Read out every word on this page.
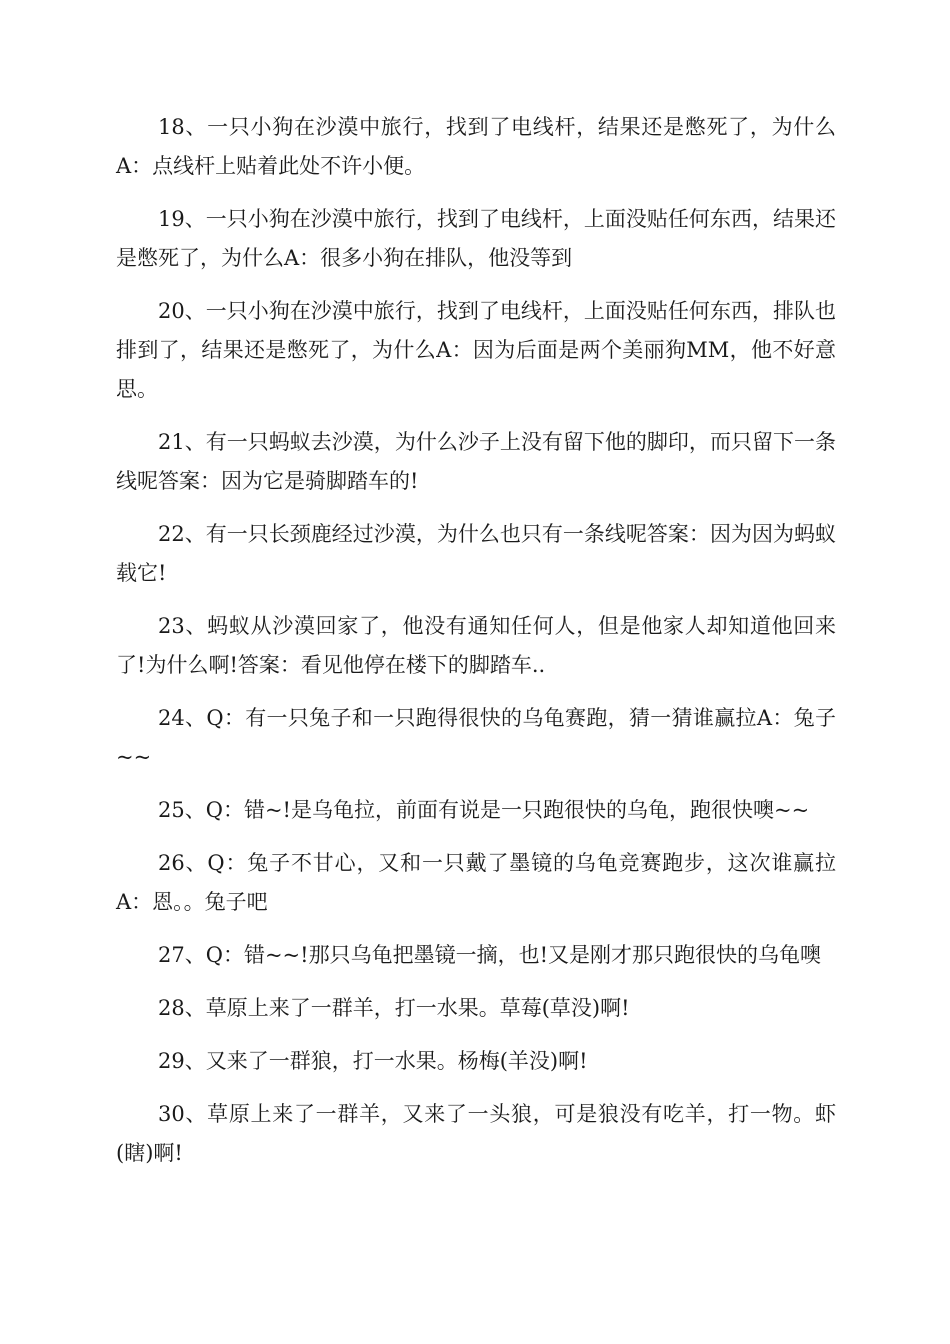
18、一只小狗在沙漠中旅行，找到了电线杆，结果还是憋死了，为什么A：点线杆上贴着此处不许小便。

19、一只小狗在沙漠中旅行，找到了电线杆，上面没贴任何东西，结果还是憋死了，为什么A：很多小狗在排队，他没等到

20、一只小狗在沙漠中旅行，找到了电线杆，上面没贴任何东西，排队也排到了，结果还是憋死了，为什么A：因为后面是两个美丽狗MM，他不好意思。

21、有一只蚂蚁去沙漠，为什么沙子上没有留下他的脚印，而只留下一条线呢答案：因为它是骑脚踏车的!

22、有一只长颈鹿经过沙漠，为什么也只有一条线呢答案：因为因为蚂蚁载它!

23、蚂蚁从沙漠回家了，他没有通知任何人，但是他家人却知道他回来了!为什么啊!答案：看见他停在楼下的脚踏车..

24、Q：有一只兔子和一只跑得很快的乌龟赛跑，猜一猜谁赢拉A：兔子~~

25、Q：错~!是乌龟拉，前面有说是一只跑很快的乌龟，跑很快噢~~

26、Q：兔子不甘心，又和一只戴了墨镜的乌龟竞赛跑步，这次谁赢拉A：恩。。兔子吧

27、Q：错~~!那只乌龟把墨镜一摘，也!又是刚才那只跑很快的乌龟噢

28、草原上来了一群羊，打一水果。草莓(草没)啊!

29、又来了一群狼，打一水果。杨梅(羊没)啊!

30、草原上来了一群羊，又来了一头狼，可是狼没有吃羊，打一物。虾(瞎)啊!
